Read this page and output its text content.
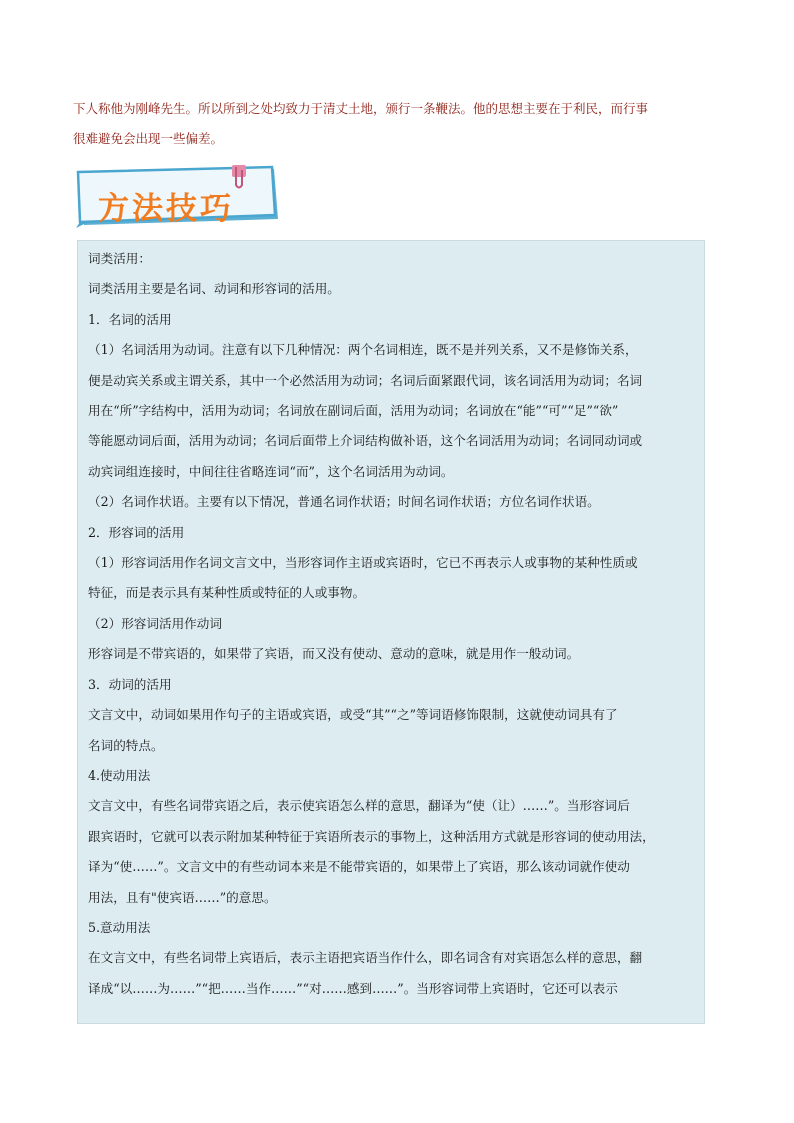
下人称他为刚峰先生。所以所到之处均致力于清丈土地，颁行一条鞭法。他的思想主要在于利民，而行事

很难避免会出现一些偏差。

方法技巧

词类活用：

词类活用主要是名词、动词和形容词的活用。

1．名词的活用

（1）名词活用为动词。注意有以下几种情况：两个名词相连，既不是并列关系，又不是修饰关系，

便是动宾关系或主谓关系，其中一个必然活用为动词；名词后面紧跟代词，该名词活用为动词；名词

用在“所”字结构中，活用为动词；名词放在副词后面，活用为动词；名词放在“能”“可”“足”“欲”

等能愿动词后面，活用为动词；名词后面带上介词结构做补语，这个名词活用为动词；名词同动词或

动宾词组连接时，中间往往省略连词“而”，这个名词活用为动词。

（2）名词作状语。主要有以下情况，普通名词作状语；时间名词作状语；方位名词作状语。

2．形容词的活用

（1）形容词活用作名词文言文中，当形容词作主语或宾语时，它已不再表示人或事物的某种性质或

特征，而是表示具有某种性质或特征的人或事物。

（2）形容词活用作动词

形容词是不带宾语的，如果带了宾语，而又没有使动、意动的意味，就是用作一般动词。

3．动词的活用

文言文中，动词如果用作句子的主语或宾语，或受“其”“之”等词语修饰限制，这就使动词具有了

名词的特点。

4.使动用法

文言文中，有些名词带宾语之后，表示使宾语怎么样的意思，翻译为“使（让）……”。当形容词后

跟宾语时，它就可以表示附加某种特征于宾语所表示的事物上，这种活用方式就是形容词的使动用法，

译为“使……”。文言文中的有些动词本来是不能带宾语的，如果带上了宾语，那么该动词就作使动

用法，且有"使宾语……”的意思。

5.意动用法

在文言文中，有些名词带上宾语后，表示主语把宾语当作什么，即名词含有对宾语怎么样的意思，翻

译成“以……为……”“把……当作……”“对……感到……”。当形容词带上宾语时，它还可以表示
